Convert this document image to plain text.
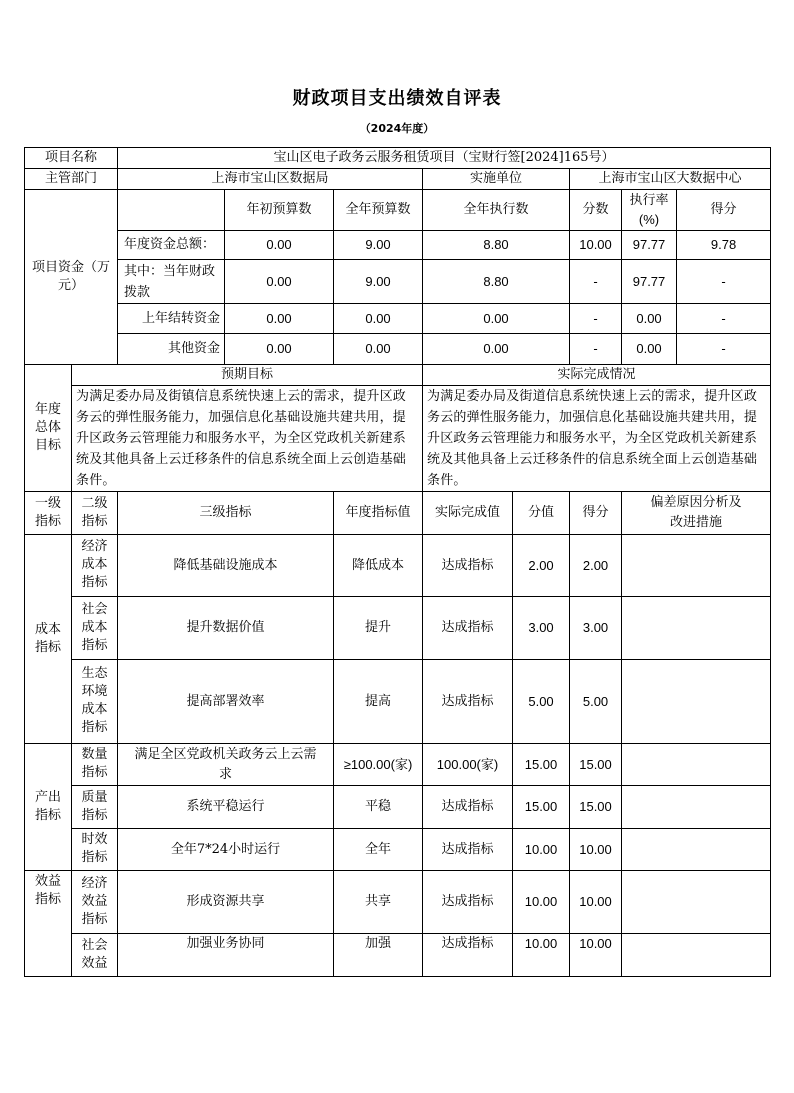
财政项目支出绩效自评表
（2024年度）
项目名称		宝山区电子政务云服务租赁项目（宝财行签[2024]165号）							
主管部门		上海市宝山区数据局			实施单位		上海市宝山区大数据中心		
项目资金（万元）			年初预算数	全年预算数	全年执行数		分数	执行率(%)	得分
		年度资金总额：	0.00	9.00	8.80		10.00	97.77	9.78
		其中：当年财政拨款	0.00	9.00	8.80		-	97.77	-
		上年结转资金	0.00	0.00	0.00		-	0.00	-
		其他资金	0.00	0.00	0.00		-	0.00	-
年度总体目标	预期目标				实际完成情况				
	为满足委办局及街镇信息系统快速上云的需求，提升区政务云的弹性服务能力，加强信息化基础设施共建共用，提升区政务云管理能力和服务水平，为全区党政机关新建系统及其他具备上云迁移条件的信息系统全面上云创造基础条件。				为满足委办局及街道信息系统快速上云的需求，提升区政务云的弹性服务能力，加强信息化基础设施共建共用，提升区政务云管理能力和服务水平，为全区党政机关新建系统及其他具备上云迁移条件的信息系统全面上云创造基础条件。				
一级指标	二级指标	三级指标		年度指标值	实际完成值	分值	得分	偏差原因分析及改进措施	
成本指标	经济成本指标	降低基础设施成本		降低成本	达成指标	2.00	2.00		
	社会成本指标	提升数据价值		提升	达成指标	3.00	3.00		
	生态环境成本指标	提高部署效率		提高	达成指标	5.00	5.00		
产出指标	数量指标	满足全区党政机关政务云上云需求		≥100.00(家)	100.00(家)	15.00	15.00		
	质量指标	系统平稳运行		平稳	达成指标	15.00	15.00		
	时效指标	全年7*24小时运行		全年	达成指标	10.00	10.00		
效益指标	经济效益指标	形成资源共享		共享	达成指标	10.00	10.00		
	社会效益	加强业务协同		加强	达成指标	10.00	10.00		
